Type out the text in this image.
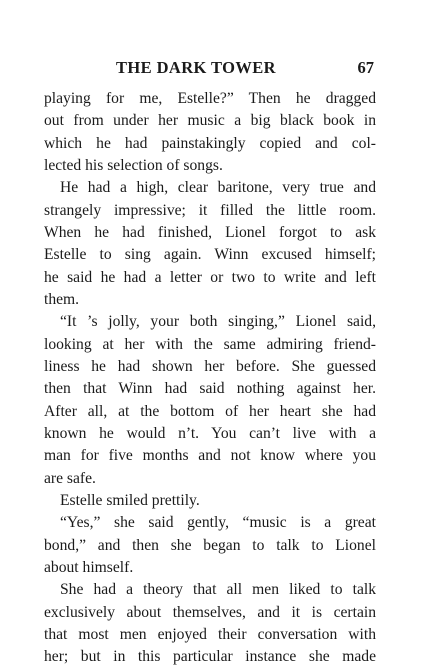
THE DARK TOWER	67
playing for me, Estelle?” Then he dragged
out from under her music a big black book in
which he had painstakingly copied and col-
lected his selection of songs.
He had a high, clear baritone, very true and
strangely impressive; it filled the little room.
When he had finished, Lionel forgot to ask
Estelle to sing again. Winn excused himself;
he said he had a letter or two to write and left
them.
“It ’s jolly, your both singing,” Lionel said,
looking at her with the same admiring friend-
liness he had shown her before. She guessed
then that Winn had said nothing against her.
After all, at the bottom of her heart she had
known he would n’t. You can’t live with a
man for five months and not know where you
are safe.
Estelle smiled prettily.
“Yes,” she said gently, “music is a great
bond,” and then she began to talk to Lionel
about himself.
She had a theory that all men liked to talk
exclusively about themselves, and it is certain
that most men enjoyed their conversation with
her; but in this particular instance she made
